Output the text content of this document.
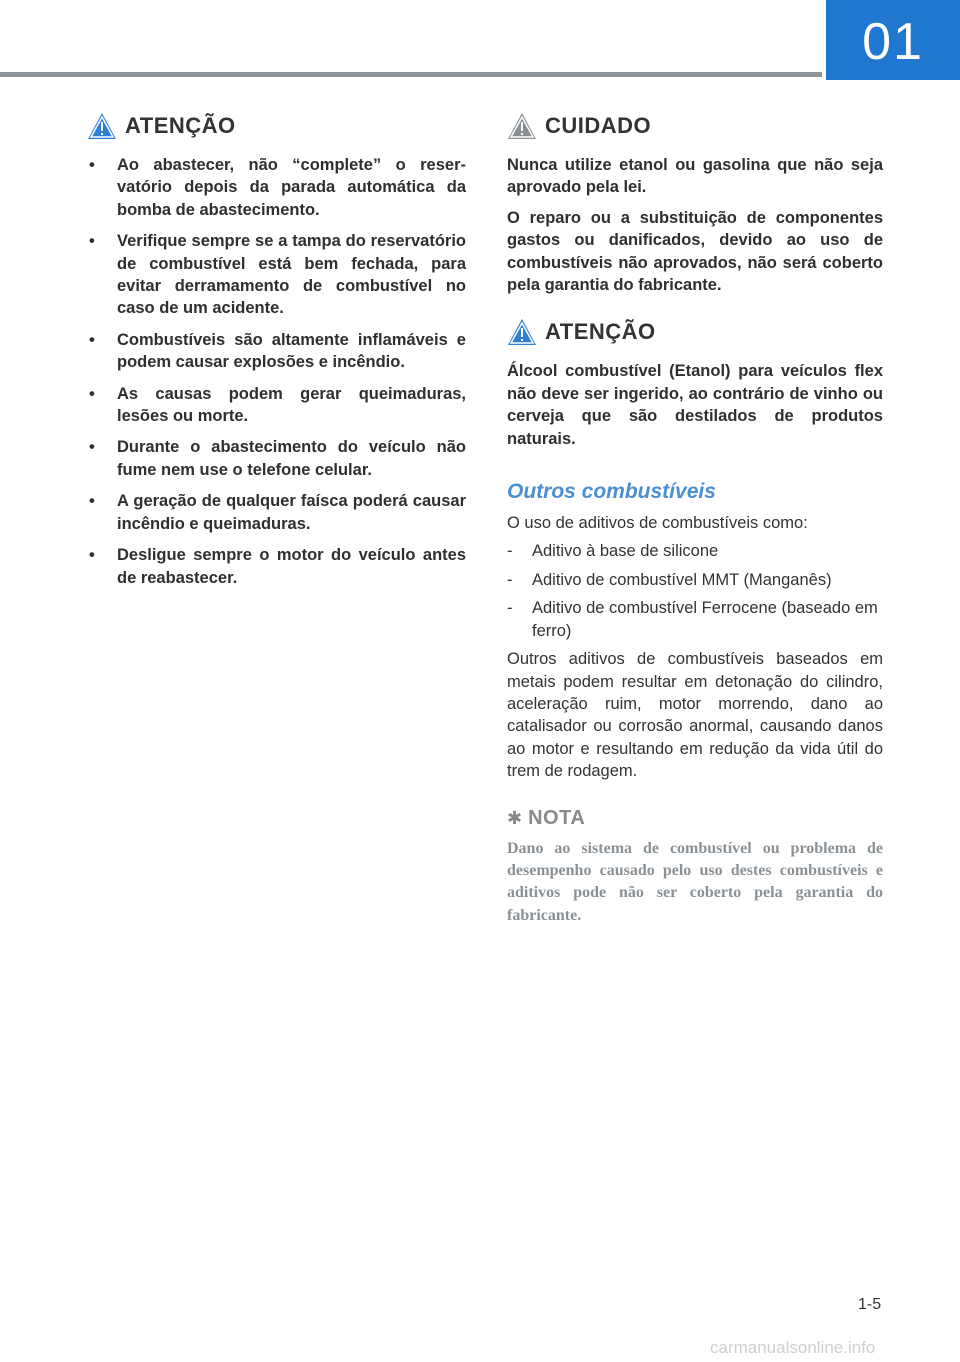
01
ATENÇÃO
• Ao abastecer, não “complete” o reservatório depois da parada automática da bomba de abastecimento.
• Verifique sempre se a tampa do reservatório de combustível está bem fechada, para evitar derramamento de combustível no caso de um acidente.
• Combustíveis são altamente inflamáveis e podem causar explosões e incêndio.
• As causas podem gerar queimaduras, lesões ou morte.
• Durante o abastecimento do veículo não fume nem use o telefone celular.
• A geração de qualquer faísca poderá causar incêndio e queimaduras.
• Desligue sempre o motor do veículo antes de reabastecer.
CUIDADO

Nunca utilize etanol ou gasolina que não seja aprovado pela lei.

O reparo ou a substituição de componentes gastos ou danificados, devido ao uso de combustíveis não aprovados, não será coberto pela garantia do fabricante.

ATENÇÃO

Álcool combustível (Etanol) para veículos flex não deve ser ingerido, ao contrário de vinho ou cerveja que são destilados de produtos naturais.

Outros combustíveis

O uso de aditivos de combustíveis como:

- Aditivo à base de silicone
- Aditivo de combustível MMT (Manganês)
- Aditivo de combustível Ferrocene (baseado em ferro)

Outros aditivos de combustíveis baseados em metais podem resultar em detonação do cilindro, aceleração ruim, motor morrendo, dano ao catalisador ou corrosão anormal, causando danos ao motor e resultando em redução da vida útil do trem de rodagem.

✱ NOTA

Dano ao sistema de combustível ou problema de desempenho causado pelo uso destes combustíveis e aditivos pode não ser coberto pela garantia do fabricante.

1-5
carmanualsonline.info
